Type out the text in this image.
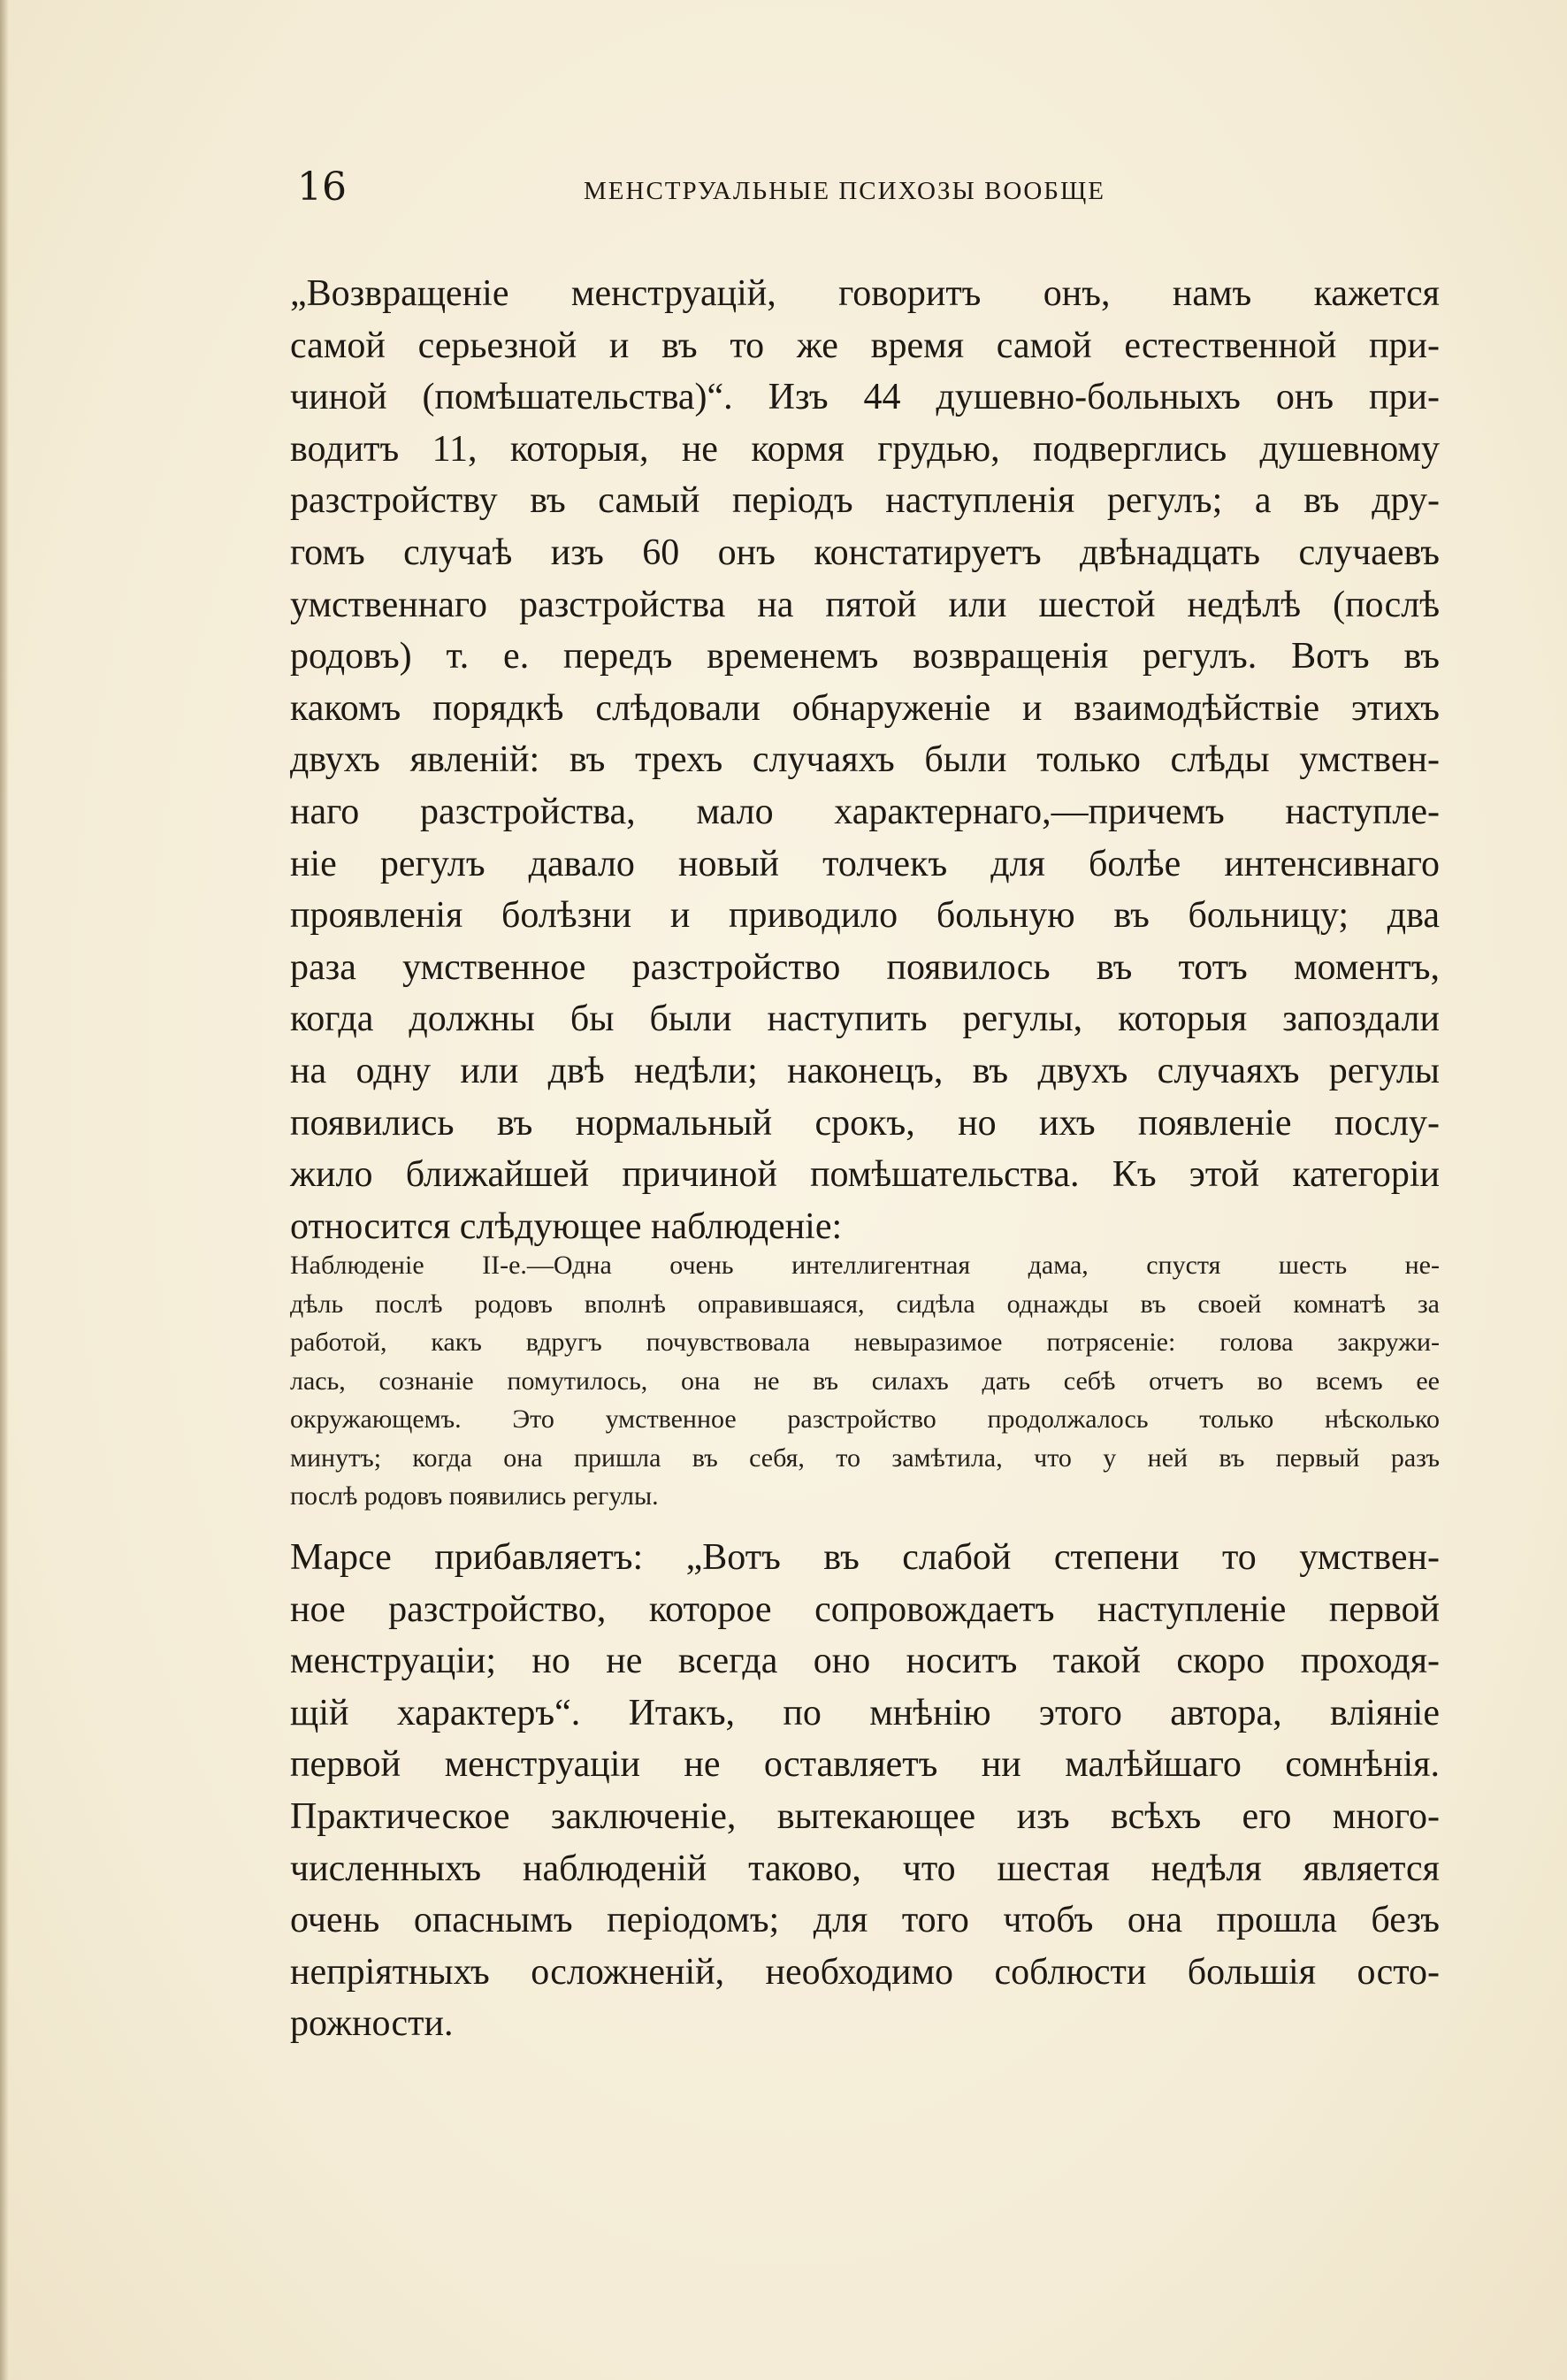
16	МЕНСТРУАЛЬНЫЕ ПСИХОЗЫ ВООБЩЕ

„Возвращеніе менструацій, говоритъ онъ, намъ кажется

самой серьезной и въ то же время самой естественной при-

чиной (помѣшательства)“. Изъ 44 душевно-больныхъ онъ при-

водитъ 11, которыя, не кормя грудью, подверглись душевному

разстройству въ самый періодъ наступленія регулъ; а въ дру-

гомъ случаѣ изъ 60 онъ констатируетъ двѣнадцать случаевъ

умственнаго разстройства на пятой или шестой недѣлѣ (послѣ

родовъ) т. е. передъ временемъ возвращенія регулъ. Вотъ въ

какомъ порядкѣ слѣдовали обнаруженіе и взаимодѣйствіе этихъ

двухъ явленій: въ трехъ случаяхъ были только слѣды умствен-

наго разстройства, мало характернаго,—причемъ наступле-

ніе регулъ давало новый толчекъ для болѣе интенсивнаго

проявленія болѣзни и приводило больную въ больницу; два

раза умственное разстройство появилось въ тотъ моментъ,

когда должны бы были наступить регулы, которыя запоздали

на одну или двѣ недѣли; наконецъ, въ двухъ случаяхъ регулы

появились въ нормальный срокъ, но ихъ появленіе послу-

жило ближайшей причиной помѣшательства. Къ этой категоріи

относится слѣдующее наблюденіе:

Наблюденіе II-е.—Одна очень интеллигентная дама, спустя шесть не-

дѣль послѣ родовъ вполнѣ оправившаяся, сидѣла однажды въ своей комнатѣ за

работой, какъ вдругъ почувствовала невыразимое потрясеніе: голова закружи-

лась, сознаніе помутилось, она не въ силахъ дать себѣ отчетъ во всемъ ее

окружающемъ. Это умственное разстройство продолжалось только нѣсколько

минутъ; когда она пришла въ себя, то замѣтила, что у ней въ первый разъ

послѣ родовъ появились регулы.

Марсе прибавляетъ: „Вотъ въ слабой степени то умствен-

ное разстройство, которое сопровождаетъ наступленіе первой

менструаціи; но не всегда оно носитъ такой скоро проходя-

щій характеръ“. Итакъ, по мнѣнію этого автора, вліяніе

первой менструаціи не оставляетъ ни малѣйшаго сомнѣнія.

Практическое заключеніе, вытекающее изъ всѣхъ его много-

численныхъ наблюденій таково, что шестая недѣля является

очень опаснымъ періодомъ; для того чтобъ она прошла безъ

непріятныхъ осложненій, необходимо соблюсти большія осто-

рожности.
